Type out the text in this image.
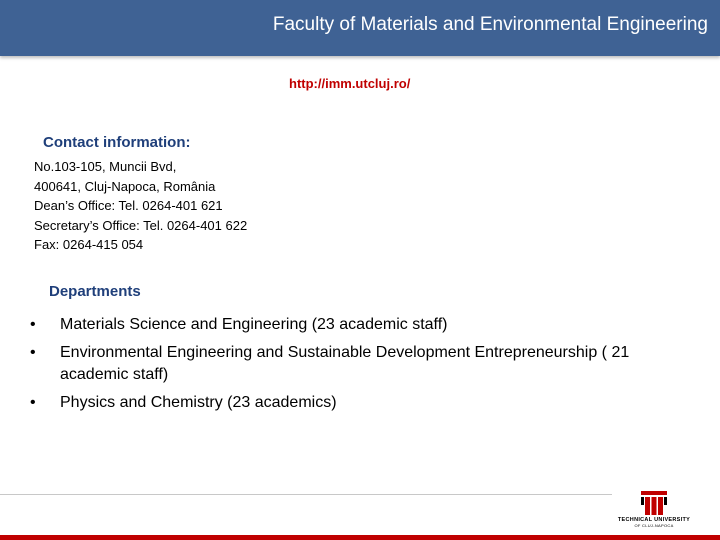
Faculty of Materials and Environmental Engineering
http://imm.utcluj.ro/
Contact information:
No.103-105, Muncii Bvd,
400641, Cluj-Napoca, România
Dean’s Office: Tel. 0264-401 621
Secretary’s Office: Tel. 0264-401 622
Fax: 0264-415 054
Departments
• Materials Science and Engineering (23 academic staff)
• Environmental Engineering and Sustainable Development Entrepreneurship ( 21 academic staff)
• Physics and Chemistry (23 academics)
TECHNICAL UNIVERSITY
OF CLUJ-NAPOCA
